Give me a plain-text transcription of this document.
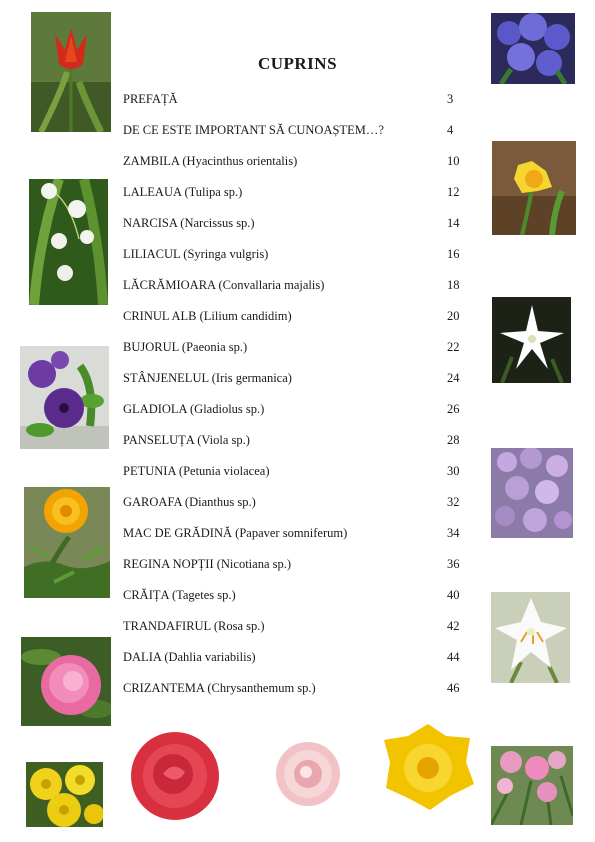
CUPRINS
PREFAȚĂ	3
DE CE ESTE IMPORTANT SĂ CUNOAȘTEM…?	4
ZAMBILA (Hyacinthus orientalis)	10
LALEAUA (Tulipa sp.)	12
NARCISA (Narcissus sp.)	14
LILIACUL (Syringa vulgris)	16
LĂCRĂMIOARA (Convallaria majalis)	18
CRINUL ALB (Lilium candidim)	20
BUJORUL (Paeonia sp.)	22
STÂNJENELUL (Iris germanica)	24
GLADIOLA (Gladiolus sp.)	26
PANSELUȚA (Viola sp.)	28
PETUNIA (Petunia violacea)	30
GAROAFA (Dianthus sp.)	32
MAC DE GRĂDINĂ (Papaver somniferum)	34
REGINA NOPȚII (Nicotiana sp.)	36
CRĂIȚA (Tagetes sp.)	40
TRANDAFIRUL (Rosa sp.)	42
DALIA (Dahlia variabilis)	44
CRIZANTEMA (Chrysanthemum sp.)	46
